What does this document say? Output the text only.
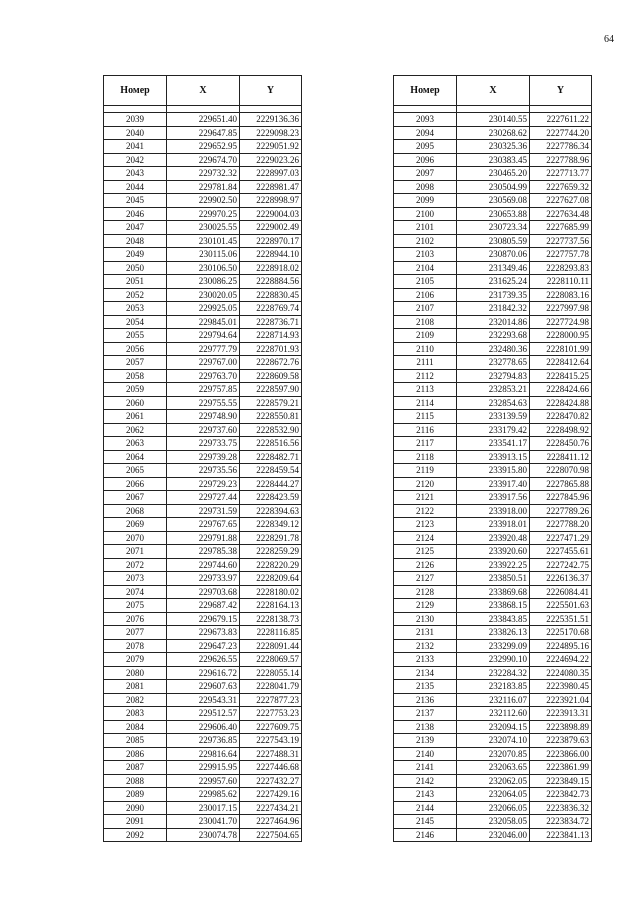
64
Номер	X	Y

2039	229651.40	2229136.36
2040	229647.85	2229098.23
2041	229652.95	2229051.92
2042	229674.70	2229023.26
2043	229732.32	2228997.03
2044	229781.84	2228981.47
2045	229902.50	2228998.97
2046	229970.25	2229004.03
2047	230025.55	2229002.49
2048	230101.45	2228970.17
2049	230115.06	2228944.10
2050	230106.50	2228918.02
2051	230086.25	2228884.56
2052	230020.05	2228830.45
2053	229925.05	2228769.74
2054	229845.01	2228736.71
2055	229794.64	2228714.93
2056	229777.79	2228701.93
2057	229767.00	2228672.76
2058	229763.70	2228609.58
2059	229757.85	2228597.90
2060	229755.55	2228579.21
2061	229748.90	2228550.81
2062	229737.60	2228532.90
2063	229733.75	2228516.56
2064	229739.28	2228482.71
2065	229735.56	2228459.54
2066	229729.23	2228444.27
2067	229727.44	2228423.59
2068	229731.59	2228394.63
2069	229767.65	2228349.12
2070	229791.88	2228291.78
2071	229785.38	2228259.29
2072	229744.60	2228220.29
2073	229733.97	2228209.64
2074	229703.68	2228180.02
2075	229687.42	2228164.13
2076	229679.15	2228138.73
2077	229673.83	2228116.85
2078	229647.23	2228091.44
2079	229626.55	2228069.57
2080	229616.72	2228055.14
2081	229607.63	2228041.79
2082	229543.31	2227877.23
2083	229512.57	2227753.23
2084	229606.40	2227609.75
2085	229736.85	2227543.19
2086	229816.64	2227488.31
2087	229915.95	2227446.68
2088	229957.60	2227432.27
2089	229985.62	2227429.16
2090	230017.15	2227434.21
2091	230041.70	2227464.96
2092	230074.78	2227504.65
Номер	X	Y

2093	230140.55	2227611.22
2094	230268.62	2227744.20
2095	230325.36	2227786.34
2096	230383.45	2227788.96
2097	230465.20	2227713.77
2098	230504.99	2227659.32
2099	230569.08	2227627.08
2100	230653.88	2227634.48
2101	230723.34	2227685.99
2102	230805.59	2227737.56
2103	230870.06	2227757.78
2104	231349.46	2228293.83
2105	231625.24	2228110.11
2106	231739.35	2228083.16
2107	231842.32	2227997.98
2108	232014.86	2227724.98
2109	232293.68	2228000.95
2110	232480.36	2228101.99
2111	232778.65	2228412.64
2112	232794.83	2228415.25
2113	232853.21	2228424.66
2114	232854.63	2228424.88
2115	233139.59	2228470.82
2116	233179.42	2228498.92
2117	233541.17	2228450.76
2118	233913.15	2228411.12
2119	233915.80	2228070.98
2120	233917.40	2227865.88
2121	233917.56	2227845.96
2122	233918.00	2227789.26
2123	233918.01	2227788.20
2124	233920.48	2227471.29
2125	233920.60	2227455.61
2126	233922.25	2227242.75
2127	233850.51	2226136.37
2128	233869.68	2226084.41
2129	233868.15	2225501.63
2130	233843.85	2225351.51
2131	233826.13	2225170.68
2132	233299.09	2224895.16
2133	232990.10	2224694.22
2134	232284.32	2224080.35
2135	232183.85	2223980.45
2136	232116.07	2223921.04
2137	232112.60	2223913.31
2138	232094.15	2223898.89
2139	232074.10	2223879.63
2140	232070.85	2223866.00
2141	232063.65	2223861.99
2142	232062.05	2223849.15
2143	232064.05	2223842.73
2144	232066.05	2223836.32
2145	232058.05	2223834.72
2146	232046.00	2223841.13
